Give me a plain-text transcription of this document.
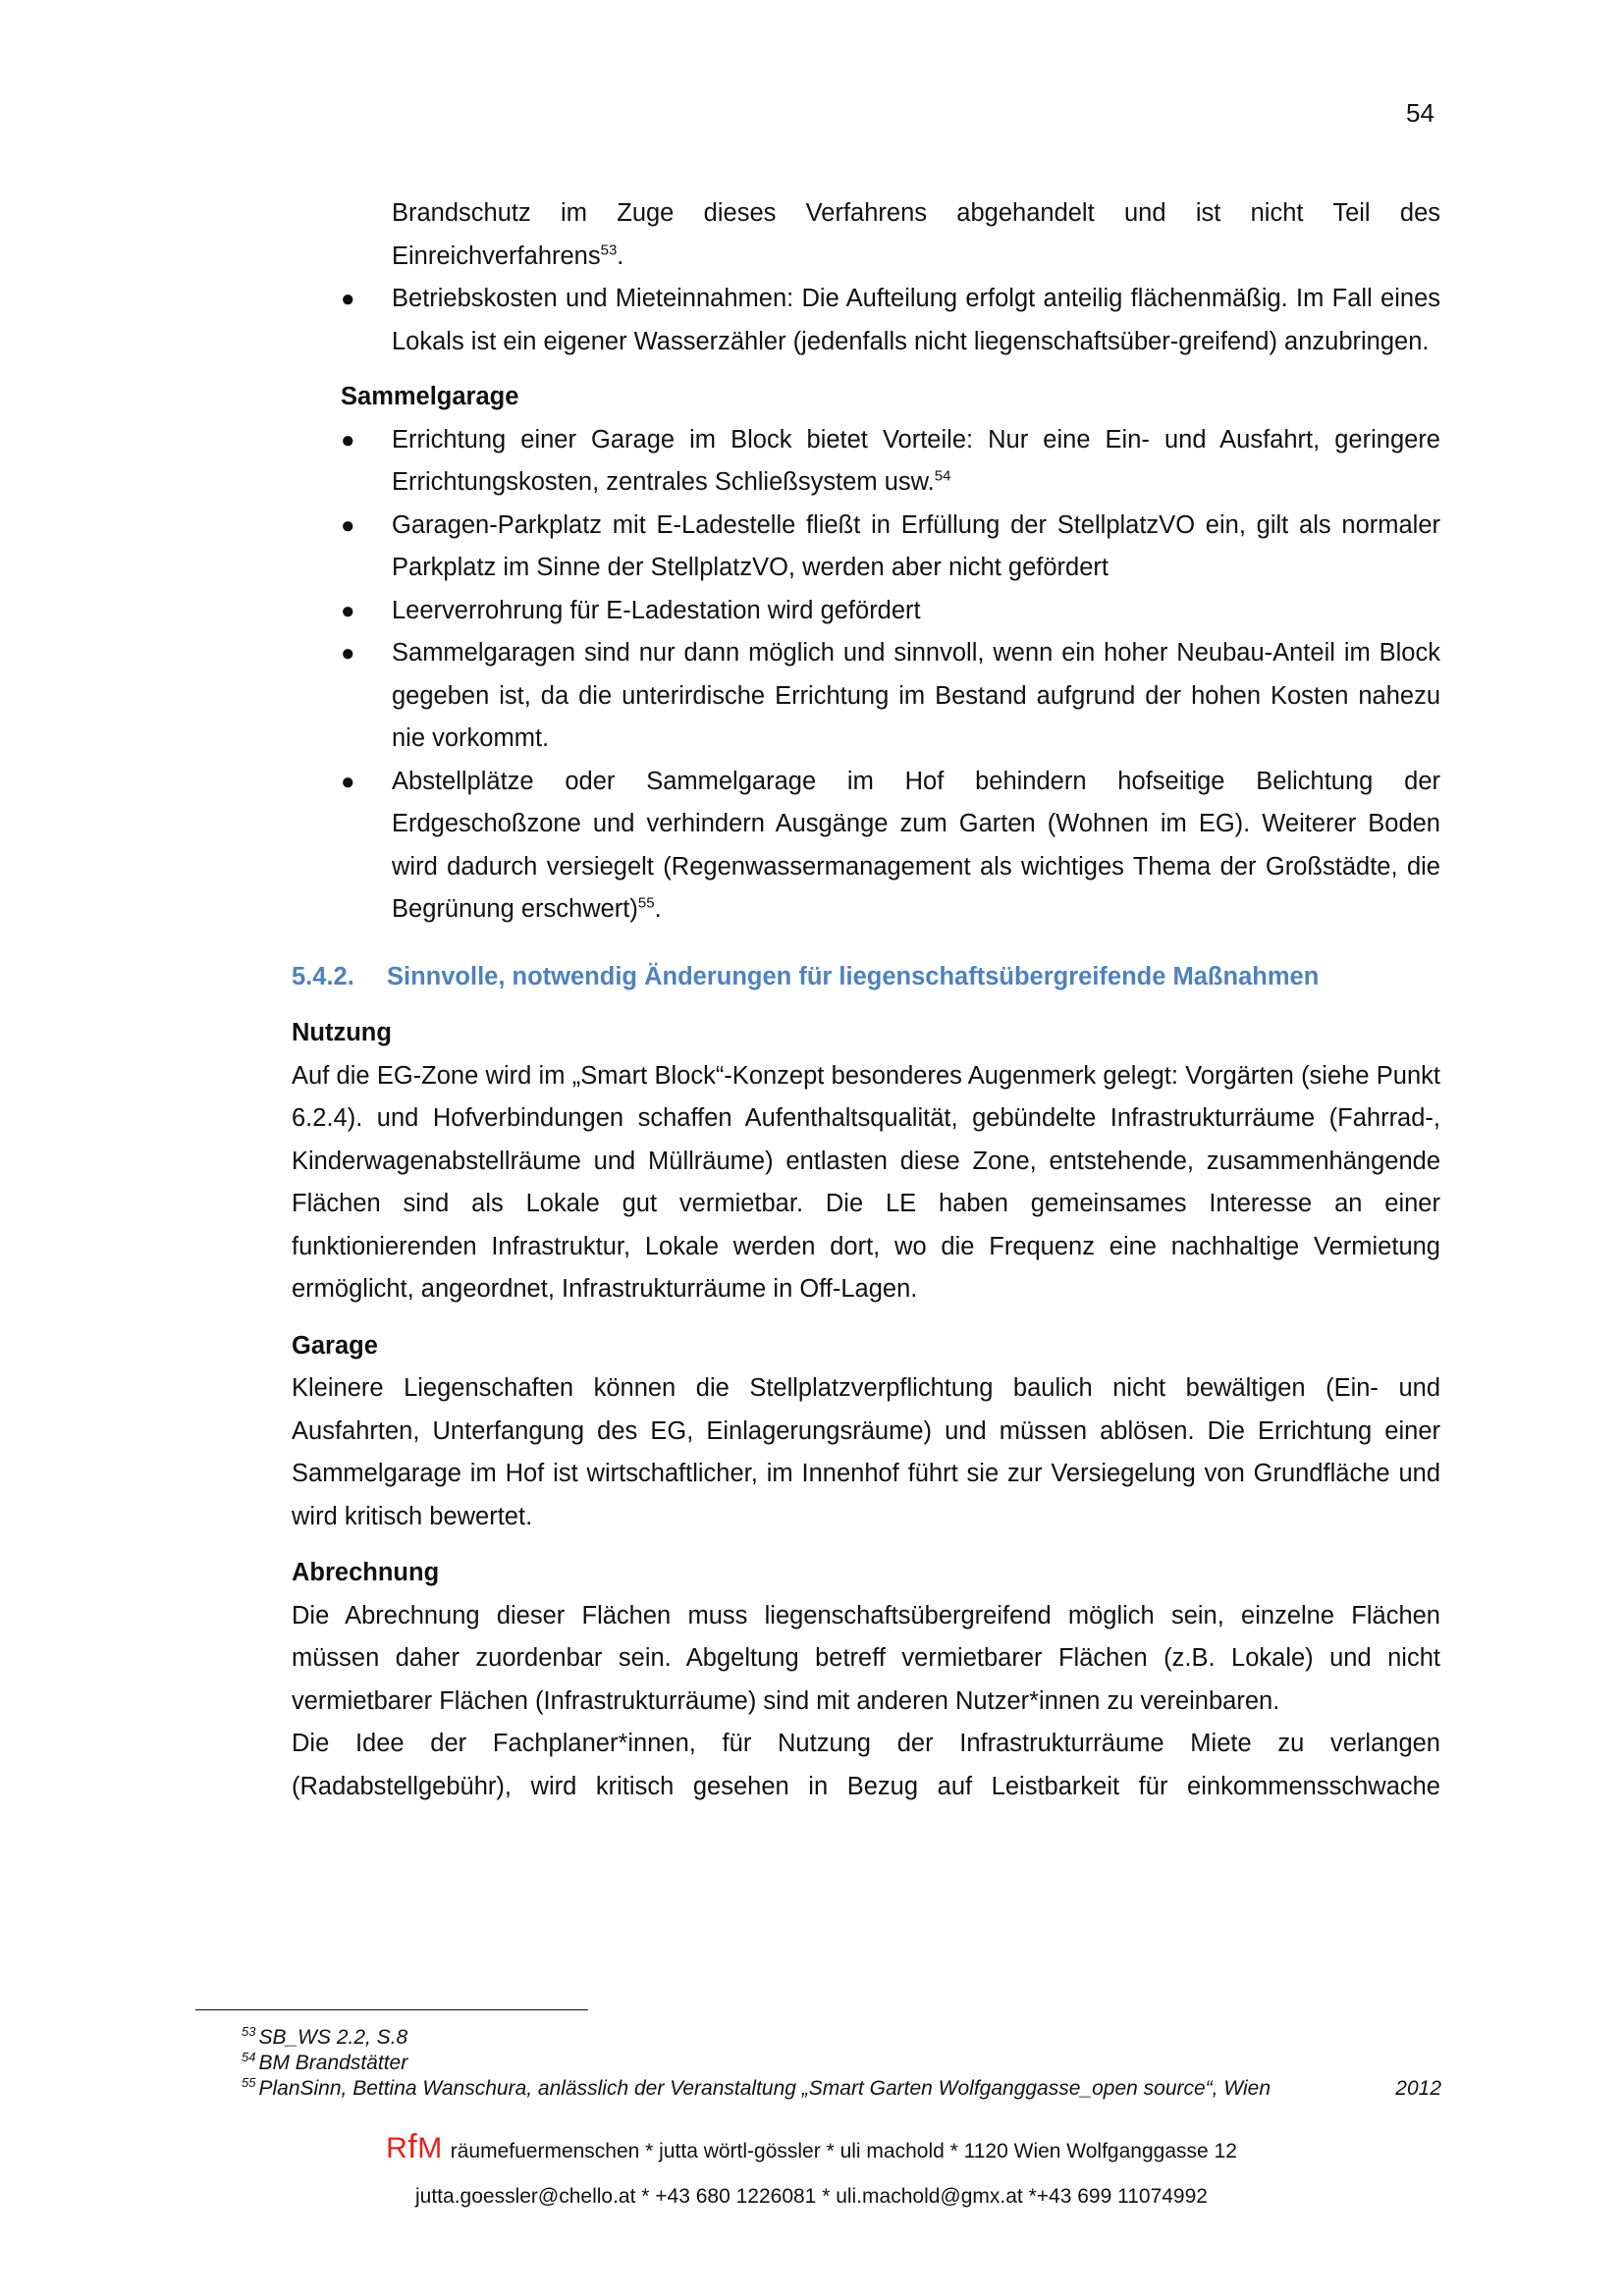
54

Brandschutz im Zuge dieses Verfahrens abgehandelt und ist nicht Teil des Einreichverfahrens$^{53}$.

● Betriebskosten und Mieteinnahmen: Die Aufteilung erfolgt anteilig flächenmäßig. Im Fall eines Lokals ist ein eigener Wasserzähler (jedenfalls nicht liegenschaftsüber-greifend) anzubringen.
Sammelgarage
● Errichtung einer Garage im Block bietet Vorteile: Nur eine Ein- und Ausfahrt, geringere Errichtungskosten, zentrales Schließsystem usw.$^{54}$
● Garagen-Parkplatz mit E-Ladestelle fließt in Erfüllung der StellplatzVO ein, gilt als normaler Parkplatz im Sinne der StellplatzVO, werden aber nicht gefördert
● Leerverrohrung für E-Ladestation wird gefördert
● Sammelgaragen sind nur dann möglich und sinnvoll, wenn ein hoher Neubau-Anteil im Block gegeben ist, da die unterirdische Errichtung im Bestand aufgrund der hohen Kosten nahezu nie vorkommt.
● Abstellplätze oder Sammelgarage im Hof behindern hofseitige Belichtung der Erdgeschoßzone und verhindern Ausgänge zum Garten (Wohnen im EG). Weiterer Boden wird dadurch versiegelt (Regenwassermanagement als wichtiges Thema der Großstädte, die Begrünung erschwert)$^{55}$.
5.4.2. Sinnvolle, notwendig Änderungen für liegenschaftsübergreifende Maßnahmen
Nutzung

Auf die EG-Zone wird im „Smart Block“-Konzept besonderes Augenmerk gelegt: Vorgärten (siehe Punkt 6.2.4). und Hofverbindungen schaffen Aufenthaltsqualität, gebündelte Infrastrukturräume (Fahrrad-, Kinderwagenabstellräume und Müllräume) entlasten diese Zone, entstehende, zusammenhängende Flächen sind als Lokale gut vermietbar. Die LE haben gemeinsames Interesse an einer funktionierenden Infrastruktur, Lokale werden dort, wo die Frequenz eine nachhaltige Vermietung ermöglicht, angeordnet, Infrastrukturräume in Off-Lagen.

Garage

Kleinere Liegenschaften können die Stellplatzverpflichtung baulich nicht bewältigen (Ein- und Ausfahrten, Unterfangung des EG, Einlagerungsräume) und müssen ablösen. Die Errichtung einer Sammelgarage im Hof ist wirtschaftlicher, im Innenhof führt sie zur Versiegelung von Grundfläche und wird kritisch bewertet.

Abrechnung

Die Abrechnung dieser Flächen muss liegenschaftsübergreifend möglich sein, einzelne Flächen müssen daher zuordenbar sein. Abgeltung betreff vermietbarer Flächen (z.B. Lokale) und nicht vermietbarer Flächen (Infrastrukturräume) sind mit anderen Nutzer*innen zu vereinbaren.

Die Idee der Fachplaner*innen, für Nutzung der Infrastrukturräume Miete zu verlangen (Radabstellgebühr), wird kritisch gesehen in Bezug auf Leistbarkeit für einkommensschwache

$^{53}$ SB_WS 2.2, S.8
$^{54}$ BM Brandstätter
$^{55}$ PlanSinn, Bettina Wanschura, anlässlich der Veranstaltung „Smart Garten Wolfganggasse_open source“, Wien	2012
RfM räumefuermenschen * jutta wörtl-gössler * uli machold * 1120 Wien Wolfganggasse 12
jutta.goessler@chello.at * +43 680 1226081 * uli.machold@gmx.at *+43 699 11074992
